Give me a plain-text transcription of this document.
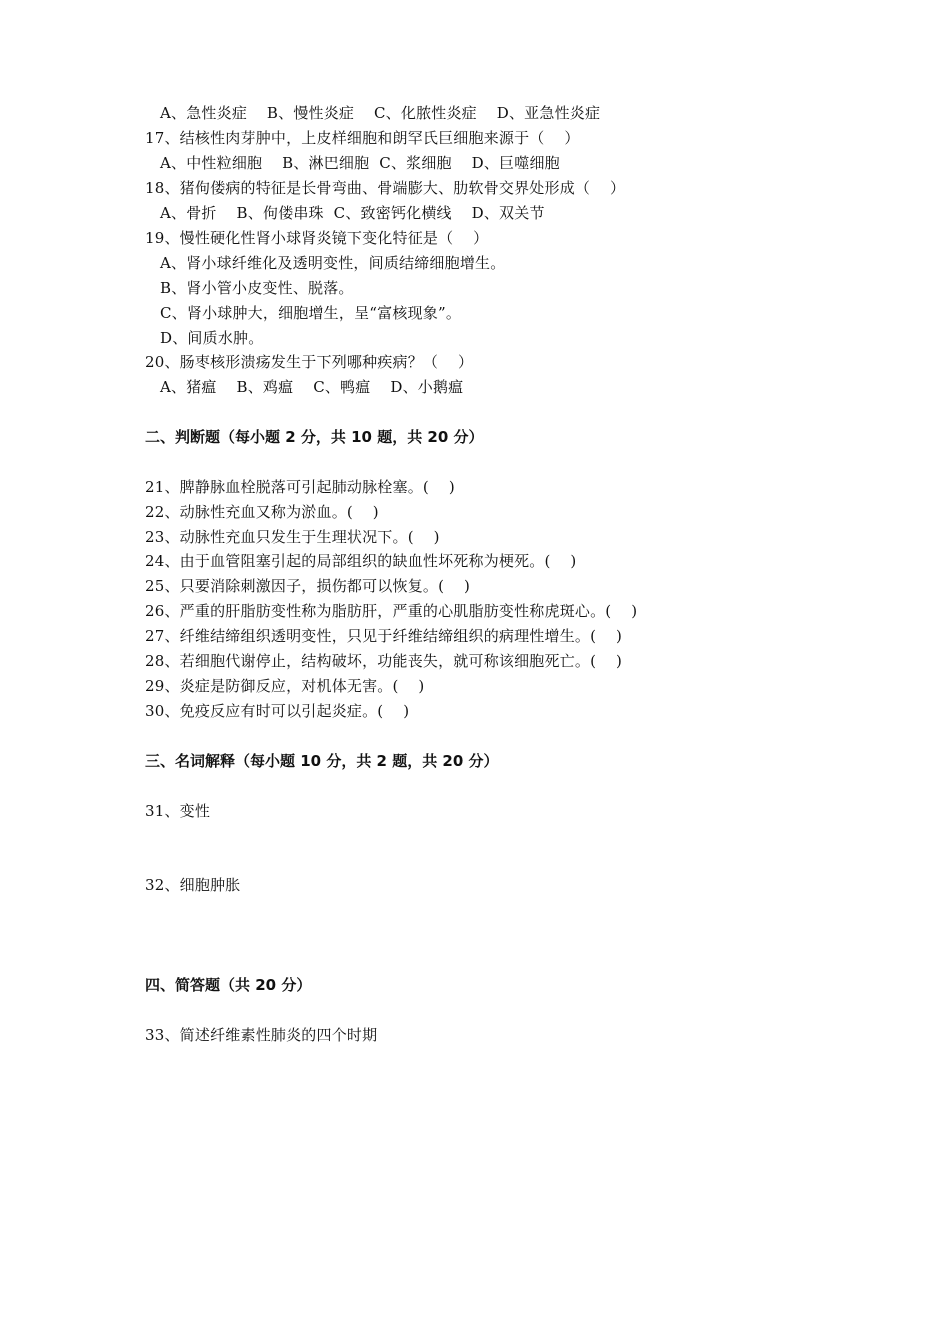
A、急性炎症    B、慢性炎症    C、化脓性炎症    D、亚急性炎症
17、结核性肉芽肿中，上皮样细胞和朗罕氏巨细胞来源于（    ）
A、中性粒细胞    B、淋巴细胞  C、浆细胞    D、巨噬细胞
18、猪佝偻病的特征是长骨弯曲、骨端膨大、肋软骨交界处形成（    ）
A、骨折    B、佝偻串珠  C、致密钙化横线    D、双关节
19、慢性硬化性肾小球肾炎镜下变化特征是（    ）
A、肾小球纤维化及透明变性，间质结缔细胞增生。
B、肾小管小皮变性、脱落。
C、肾小球肿大，细胞增生，呈“富核现象”。
D、间质水肿。
20、肠枣核形溃疡发生于下列哪种疾病？（    ）
A、猪瘟    B、鸡瘟    C、鸭瘟    D、小鹅瘟
二、判断题（每小题 2 分，共 10 题，共 20 分）
21、脾静脉血栓脱落可引起肺动脉栓塞。(    )
22、动脉性充血又称为淤血。(    )
23、动脉性充血只发生于生理状况下。(    )
24、由于血管阻塞引起的局部组织的缺血性坏死称为梗死。(    )
25、只要消除刺激因子，损伤都可以恢复。(    )
26、严重的肝脂肪变性称为脂肪肝，严重的心肌脂肪变性称虎斑心。(    )
27、纤维结缔组织透明变性，只见于纤维结缔组织的病理性增生。(    )
28、若细胞代谢停止，结构破坏，功能丧失，就可称该细胞死亡。(    )
29、炎症是防御反应，对机体无害。(    )
30、免疫反应有时可以引起炎症。(    )
三、名词解释（每小题 10 分，共 2 题，共 20 分）
31、变性
32、细胞肿胀
四、简答题（共 20 分）
33、简述纤维素性肺炎的四个时期
